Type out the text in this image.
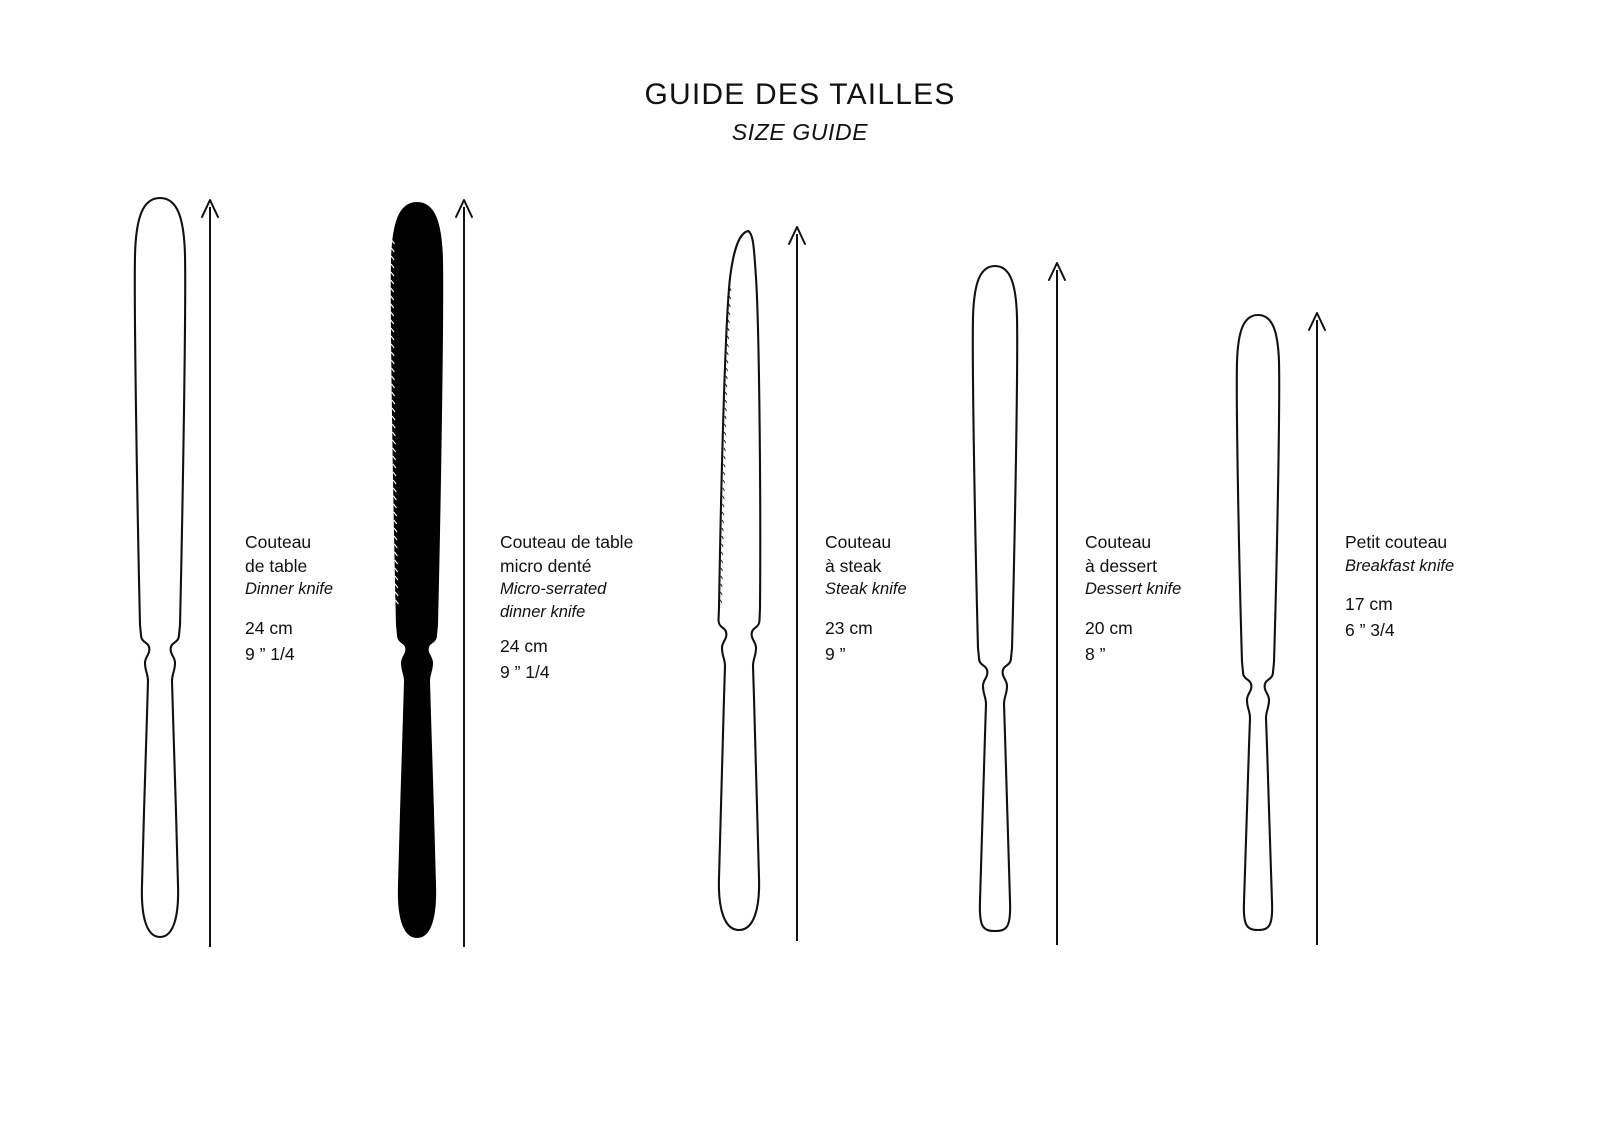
GUIDE DES TAILLES
SIZE GUIDE
Couteau
de table
Dinner knife
24 cm
9 ” 1/4
Couteau de table
micro denté
Micro-serrated
dinner knife
24 cm
9 ” 1/4
Couteau
à steak
Steak knife
23 cm
9 ”
Couteau
à dessert
Dessert knife
20 cm
8 ”
Petit couteau
Breakfast knife
17 cm
6 ” 3/4
